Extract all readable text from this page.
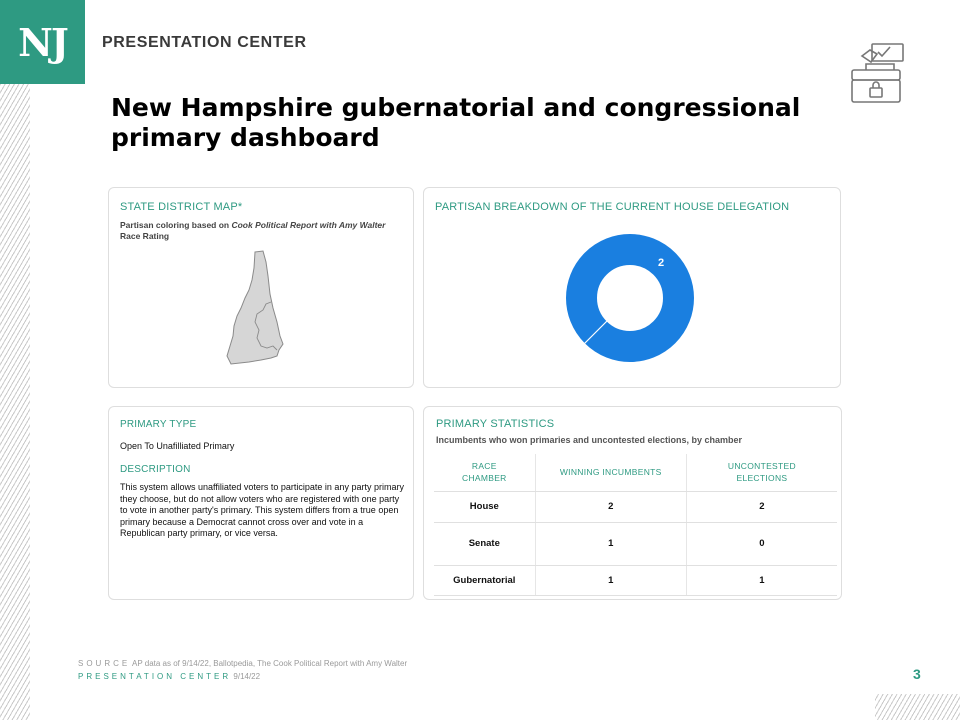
NJ PRESENTATION CENTER
New Hampshire gubernatorial and congressional primary dashboard
STATE DISTRICT MAP*
Partisan coloring based on Cook Political Report with Amy Walter Race Rating
PARTISAN BREAKDOWN OF THE CURRENT HOUSE DELEGATION
2
PRIMARY TYPE
Open To Unafilliated Primary
DESCRIPTION
This system allows unaffiliated voters to participate in any party primary they choose, but do not allow voters who are registered with one party to vote in another party's primary. This system differs from a true open primary because a Democrat cannot cross over and vote in a Republican party primary, or vice versa.
PRIMARY STATISTICS
Incumbents who won primaries and uncontested elections, by chamber
RACE CHAMBER	WINNING INCUMBENTS	UNCONTESTED ELECTIONS
House	2	2
Senate	1	0
Gubernatorial	1	1
SOURCE AP data as of 9/14/22, Ballotpedia, The Cook Political Report with Amy Walter
PRESENTATION CENTER 9/14/22	3
